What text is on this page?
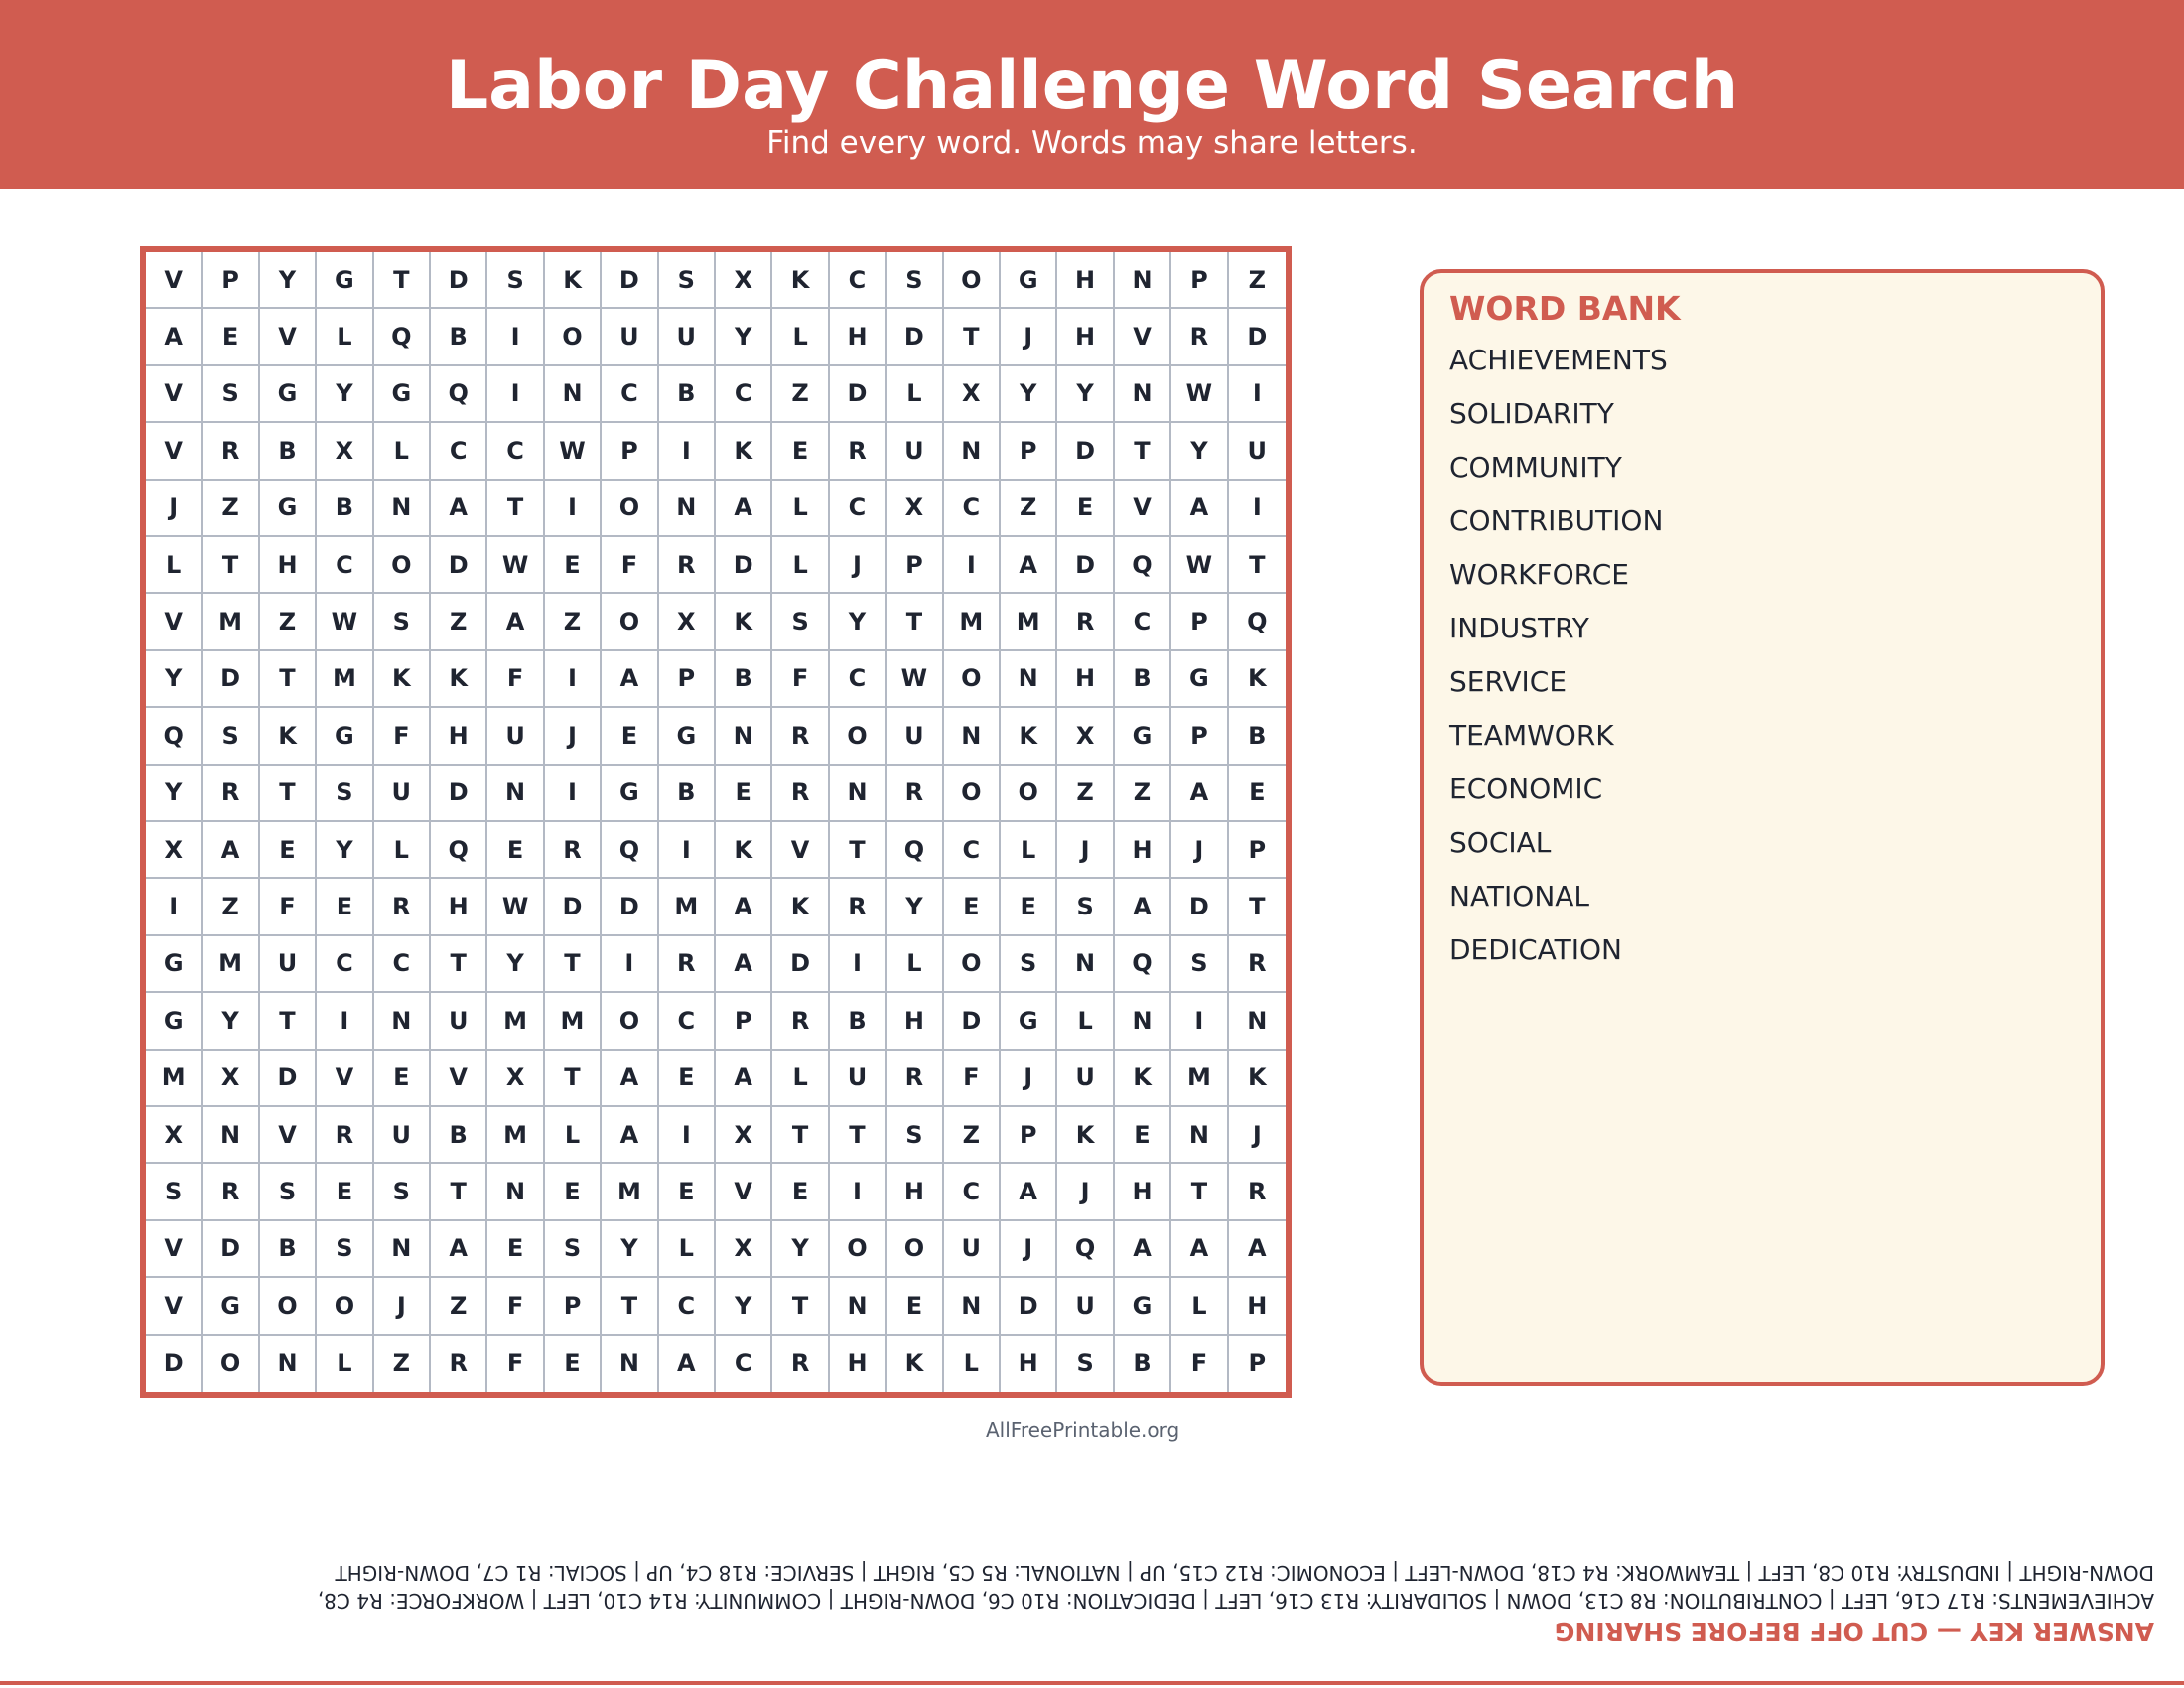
Labor Day Challenge Word Search
Find every word. Words may share letters.
V	P	Y	G	T	D	S	K	D	S	X	K	C	S	O	G	H	N	P	Z
A	E	V	L	Q	B	I	O	U	U	Y	L	H	D	T	J	H	V	R	D
V	S	G	Y	G	Q	I	N	C	B	C	Z	D	L	X	Y	Y	N	W	I
V	R	B	X	L	C	C	W	P	I	K	E	R	U	N	P	D	T	Y	U
J	Z	G	B	N	A	T	I	O	N	A	L	C	X	C	Z	E	V	A	I
L	T	H	C	O	D	W	E	F	R	D	L	J	P	I	A	D	Q	W	T
V	M	Z	W	S	Z	A	Z	O	X	K	S	Y	T	M	M	R	C	P	Q
Y	D	T	M	K	K	F	I	A	P	B	F	C	W	O	N	H	B	G	K
Q	S	K	G	F	H	U	J	E	G	N	R	O	U	N	K	X	G	P	B
Y	R	T	S	U	D	N	I	G	B	E	R	N	R	O	O	Z	Z	A	E
X	A	E	Y	L	Q	E	R	Q	I	K	V	T	Q	C	L	J	H	J	P
I	Z	F	E	R	H	W	D	D	M	A	K	R	Y	E	E	S	A	D	T
G	M	U	C	C	T	Y	T	I	R	A	D	I	L	O	S	N	Q	S	R
G	Y	T	I	N	U	M	M	O	C	P	R	B	H	D	G	L	N	I	N
M	X	D	V	E	V	X	T	A	E	A	L	U	R	F	J	U	K	M	K
X	N	V	R	U	B	M	L	A	I	X	T	T	S	Z	P	K	E	N	J
S	R	S	E	S	T	N	E	M	E	V	E	I	H	C	A	J	H	T	R
V	D	B	S	N	A	E	S	Y	L	X	Y	O	O	U	J	Q	A	A	A
V	G	O	O	J	Z	F	P	T	C	Y	T	N	E	N	D	U	G	L	H
D	O	N	L	Z	R	F	E	N	A	C	R	H	K	L	H	S	B	F	P
WORD BANK
ACHIEVEMENTS
SOLIDARITY
COMMUNITY
CONTRIBUTION
WORKFORCE
INDUSTRY
SERVICE
TEAMWORK
ECONOMIC
SOCIAL
NATIONAL
DEDICATION
AllFreePrintable.org
ANSWER KEY — CUT OFF BEFORE SHARING
ACHIEVEMENTS: R17 C16, LEFT | CONTRIBUTION: R8 C13, DOWN | SOLIDARITY: R13 C16, LEFT | DEDICATION: R10 C6, DOWN-RIGHT | COMMUNITY: R14 C10, LEFT | WORKFORCE: R4 C8,
DOWN-RIGHT | INDUSTRY: R10 C8, LEFT | TEAMWORK: R4 C18, DOWN-LEFT | ECONOMIC: R12 C15, UP | NATIONAL: R5 C5, RIGHT | SERVICE: R18 C4, UP | SOCIAL: R1 C7, DOWN-RIGHT
